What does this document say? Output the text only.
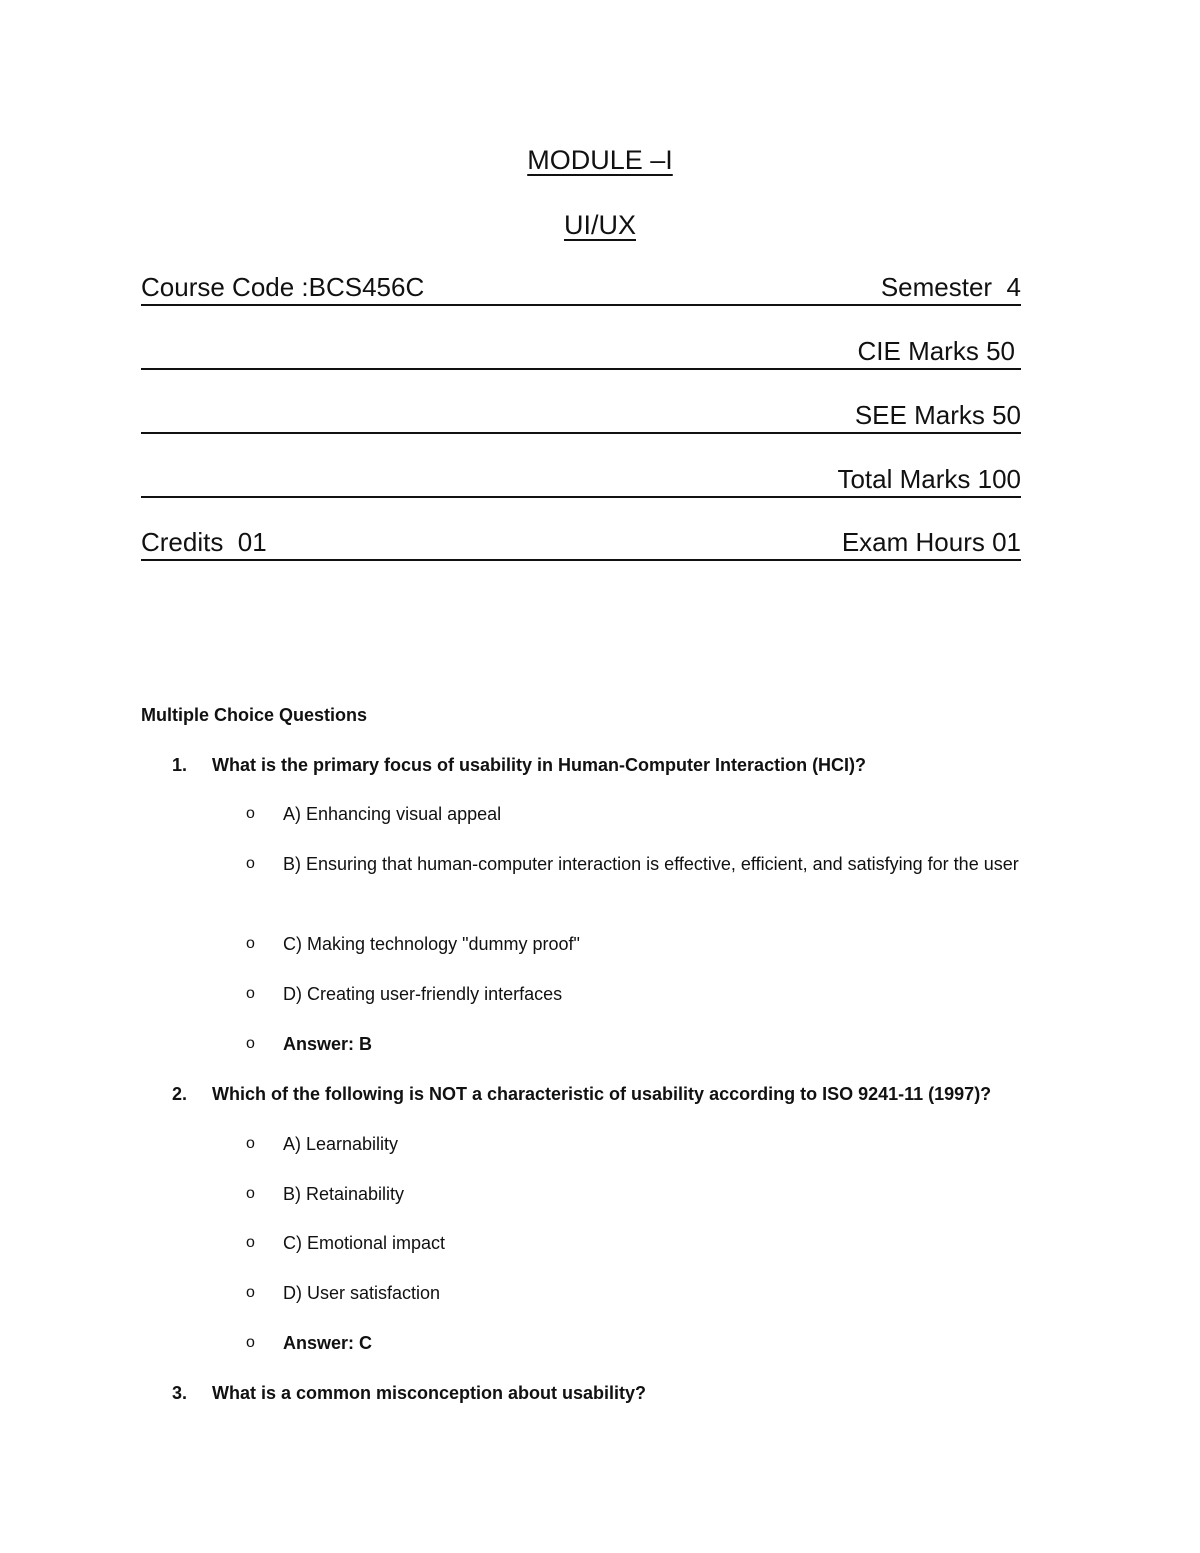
MODULE –I
UI/UX
Course Code :BCS456C	Semester  4
CIE Marks 50
SEE Marks 50
Total Marks 100
Credits  01	Exam Hours 01
Multiple Choice Questions
1.	What is the primary focus of usability in Human-Computer Interaction (HCI)?
o A) Enhancing visual appeal
o B) Ensuring that human-computer interaction is effective, efficient, and satisfying for the user
o C) Making technology "dummy proof"
o D) Creating user-friendly interfaces
o Answer: B
2.	Which of the following is NOT a characteristic of usability according to ISO 9241-11 (1997)?
o A) Learnability
o B) Retainability
o C) Emotional impact
o D) User satisfaction
o Answer: C
3.	What is a common misconception about usability?
